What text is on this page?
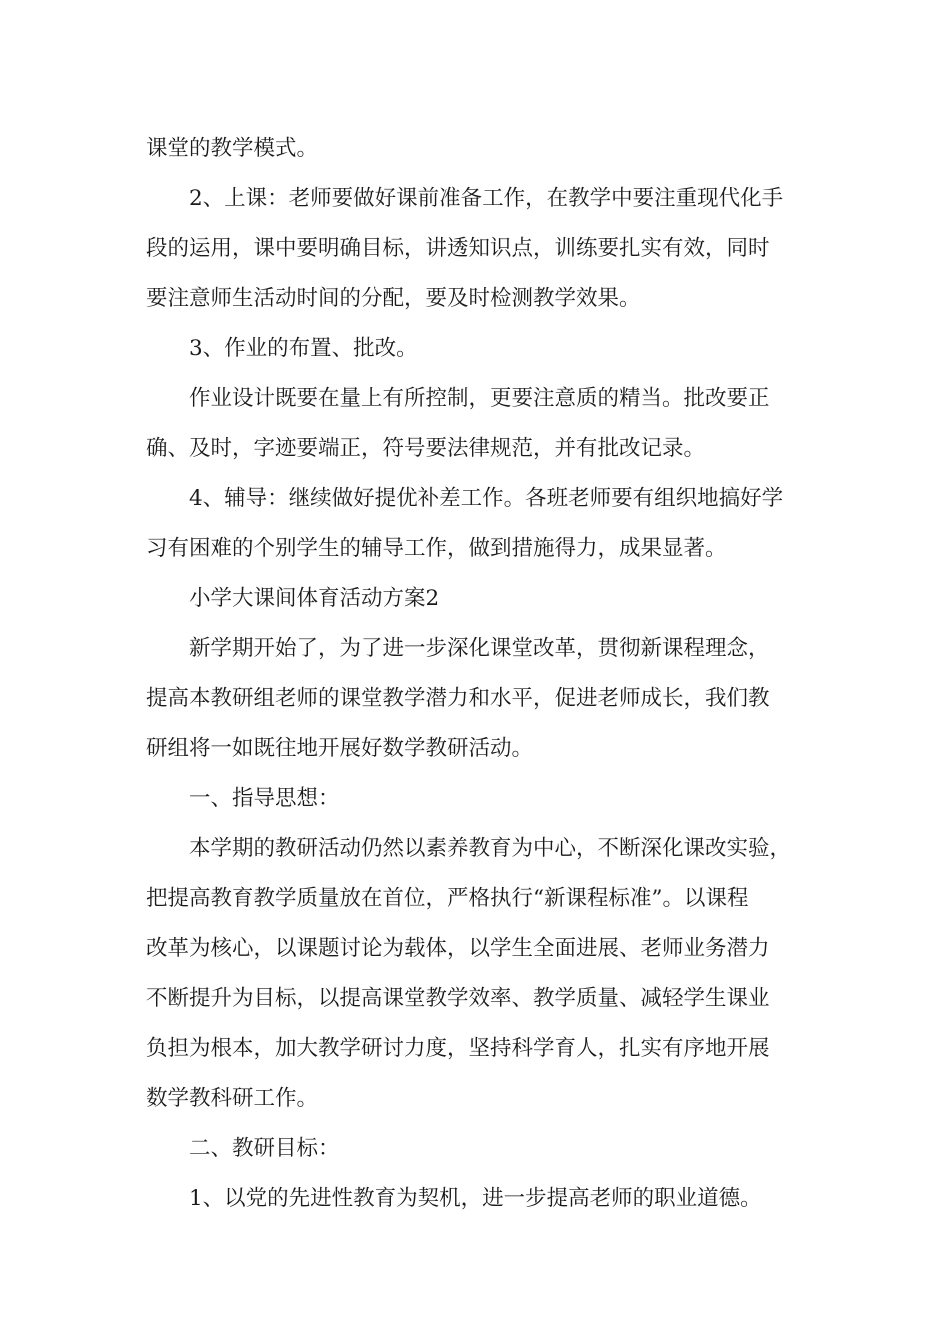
课堂的教学模式。
2、上课：老师要做好课前准备工作，在教学中要注重现代化手
段的运用，课中要明确目标，讲透知识点，训练要扎实有效，同时
要注意师生活动时间的分配，要及时检测教学效果。
3、作业的布置、批改。
作业设计既要在量上有所控制，更要注意质的精当。批改要正
确、及时，字迹要端正，符号要法律规范，并有批改记录。
4、辅导：继续做好提优补差工作。各班老师要有组织地搞好学
习有困难的个别学生的辅导工作，做到措施得力，成果显著。
小学大课间体育活动方案2
新学期开始了，为了进一步深化课堂改革，贯彻新课程理念，
提高本教研组老师的课堂教学潜力和水平，促进老师成长，我们教
研组将一如既往地开展好数学教研活动。
一、指导思想：
本学期的教研活动仍然以素养教育为中心，不断深化课改实验，
把提高教育教学质量放在首位，严格执行“新课程标准”。以课程
改革为核心，以课题讨论为载体，以学生全面进展、老师业务潜力
不断提升为目标，以提高课堂教学效率、教学质量、减轻学生课业
负担为根本，加大教学研讨力度，坚持科学育人，扎实有序地开展
数学教科研工作。
二、教研目标：
1、以党的先进性教育为契机，进一步提高老师的职业道德。
